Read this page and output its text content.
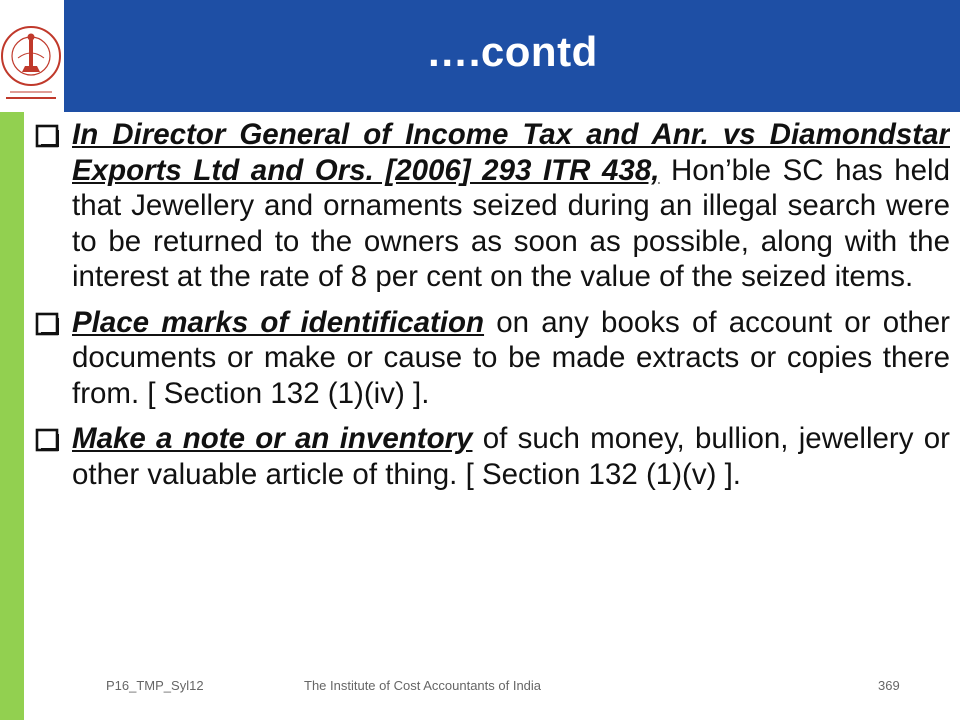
….contd
In Director General of Income Tax and Anr. vs Diamondstar Exports Ltd and Ors. [2006] 293 ITR 438, Hon’ble SC has held that Jewellery and ornaments seized during an illegal search were to be returned to the owners as soon as possible, along with the interest at the rate of 8 per cent on the value of the seized items.
Place marks of identification on any books of account or other documents or make or cause to be made extracts or copies there from. [ Section 132 (1)(iv) ].
Make a note or an inventory of such money, bullion, jewellery or other valuable article of thing. [ Section 132 (1)(v) ].
P16_TMP_Syl12	The Institute of Cost Accountants of India	369
